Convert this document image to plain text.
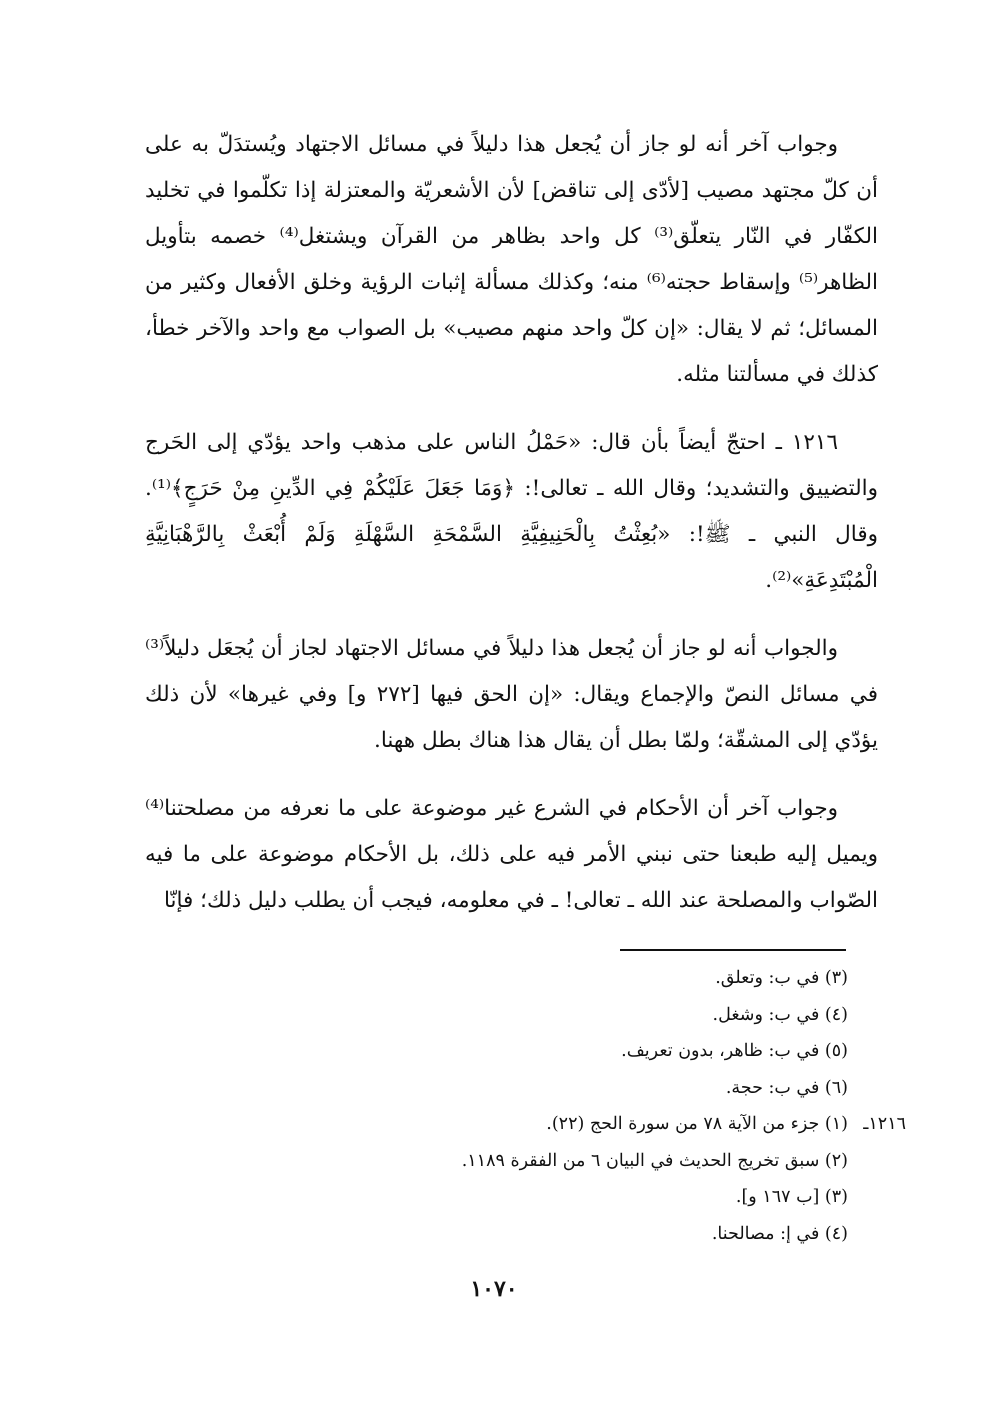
وجواب آخر أنه لو جاز أن يُجعل هذا دليلاً في مسائل الاجتهاد ويُستدَلّ به على أن كلّ مجتهد مصيب [لأدّى إلى تناقض] لأن الأشعريّة والمعتزلة إذا تكلّموا في تخليد الكفّار في النّار يتعلّق⁽³⁾ كل واحد بظاهر من القرآن ويشتغل⁽⁴⁾ خصمه بتأويل الظاهر⁽⁵⁾ وإسقاط حجته⁽⁶⁾ منه؛ وكذلك مسألة إثبات الرؤية وخلق الأفعال وكثير من المسائل؛ ثم لا يقال: «إن كلّ واحد منهم مصيب» بل الصواب مع واحد والآخر خطأ، كذلك في مسألتنا مثله.

١٢١٦ ـ احتجّ أيضاً بأن قال: «حَمْلُ الناس على مذهب واحد يؤدّي إلى الحَرج والتضييق والتشديد؛ وقال الله ـ تعالى!: ﴿وَمَا جَعَلَ عَلَيْكُمْ فِي الدِّينِ مِنْ حَرَجٍ﴾⁽¹⁾. وقال النبي ـ ﷺ!: «بُعِثْتُ بِالْحَنِيفِيَّةِ السَّمْحَةِ السَّهْلَةِ وَلَمْ أُبْعَثْ بِالرَّهْبَانِيَّةِ الْمُبْتَدِعَةِ»⁽²⁾.

والجواب أنه لو جاز أن يُجعل هذا دليلاً في مسائل الاجتهاد لجاز أن يُجعَل دليلاً⁽³⁾ في مسائل النصّ والإجماع ويقال: «إن الحق فيها [٢٧٢ و] وفي غيرها» لأن ذلك يؤدّي إلى المشقّة؛ ولمّا بطل أن يقال هذا هناك بطل ههنا.

وجواب آخر أن الأحكام في الشرع غير موضوعة على ما نعرفه من مصلحتنا⁽⁴⁾ ويميل إليه طبعنا حتى نبني الأمر فيه على ذلك، بل الأحكام موضوعة على ما فيه الصّواب والمصلحة عند الله ـ تعالى! ـ في معلومه، فيجب أن يطلب دليل ذلك؛ فإنّا

(٣) في ب: وتعلق.
(٤) في ب: وشغل.
(٥) في ب: ظاهر، بدون تعريف.
(٦) في ب: حجة.
١٢١٦ـ(١) جزء من الآية ٧٨ من سورة الحج (٢٢).
(٢) سبق تخريج الحديث في البيان ٦ من الفقرة ١١٨٩.
(٣) [ب ١٦٧ و].
(٤) في إ: مصالحنا.
١٠٧٠
